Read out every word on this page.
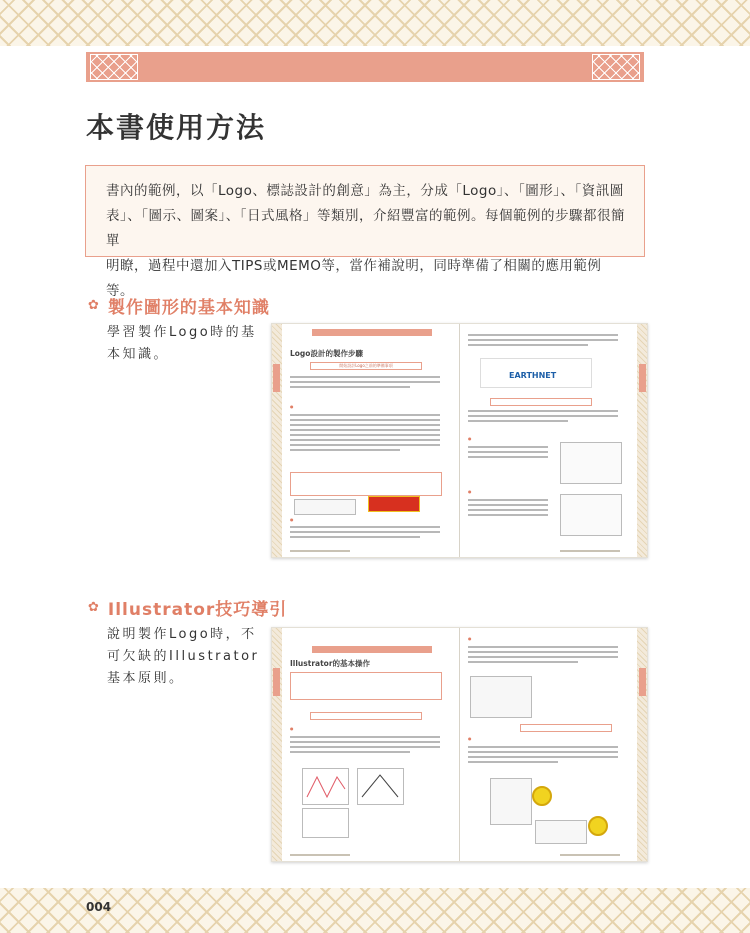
本書使用方法
書內的範例，以「Logo、標誌設計的創意」為主，分成「Logo」、「圖形」、「資訊圖
表」、「圖示、圖案」、「日式風格」等類別，介紹豐富的範例。每個範例的步驟都很簡單
明瞭，過程中還加入TIPS或MEMO等，當作補說明，同時準備了相關的應用範例等。
✿ 製作圖形的基本知識
學習製作Logo時的基本知識。	Logo設計的製作步驟
開始設計Logo之前的準備事項
●
●
EARTHNET
●
●
✿ Illustrator技巧導引
說明製作Logo時，不可欠缺的Illustrator基本原則。
Illustrator的基本操作
●
●
●
004
